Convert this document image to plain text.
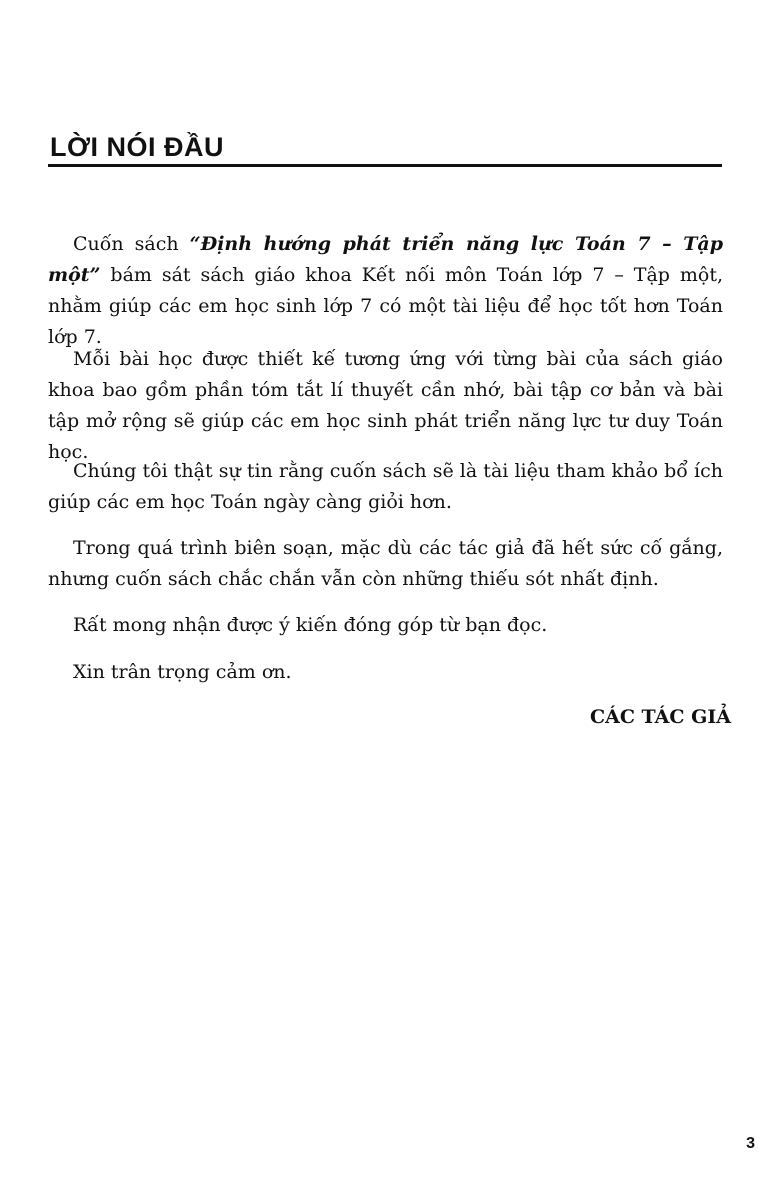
LỜI NÓI ĐẦU

Cuốn sách “Định hướng phát triển năng lực Toán 7 – Tập một” bám sát sách giáo khoa Kết nối môn Toán lớp 7 – Tập một, nhằm giúp các em học sinh lớp 7 có một tài liệu để học tốt hơn Toán lớp 7.

Mỗi bài học được thiết kế tương ứng với từng bài của sách giáo khoa bao gồm phần tóm tắt lí thuyết cần nhớ, bài tập cơ bản và bài tập mở rộng sẽ giúp các em học sinh phát triển năng lực tư duy Toán học.

Chúng tôi thật sự tin rằng cuốn sách sẽ là tài liệu tham khảo bổ ích giúp các em học Toán ngày càng giỏi hơn.

Trong quá trình biên soạn, mặc dù các tác giả đã hết sức cố gắng, nhưng cuốn sách chắc chắn vẫn còn những thiếu sót nhất định.

Rất mong nhận được ý kiến đóng góp từ bạn đọc.

Xin trân trọng cảm ơn.

CÁC TÁC GIẢ

3
